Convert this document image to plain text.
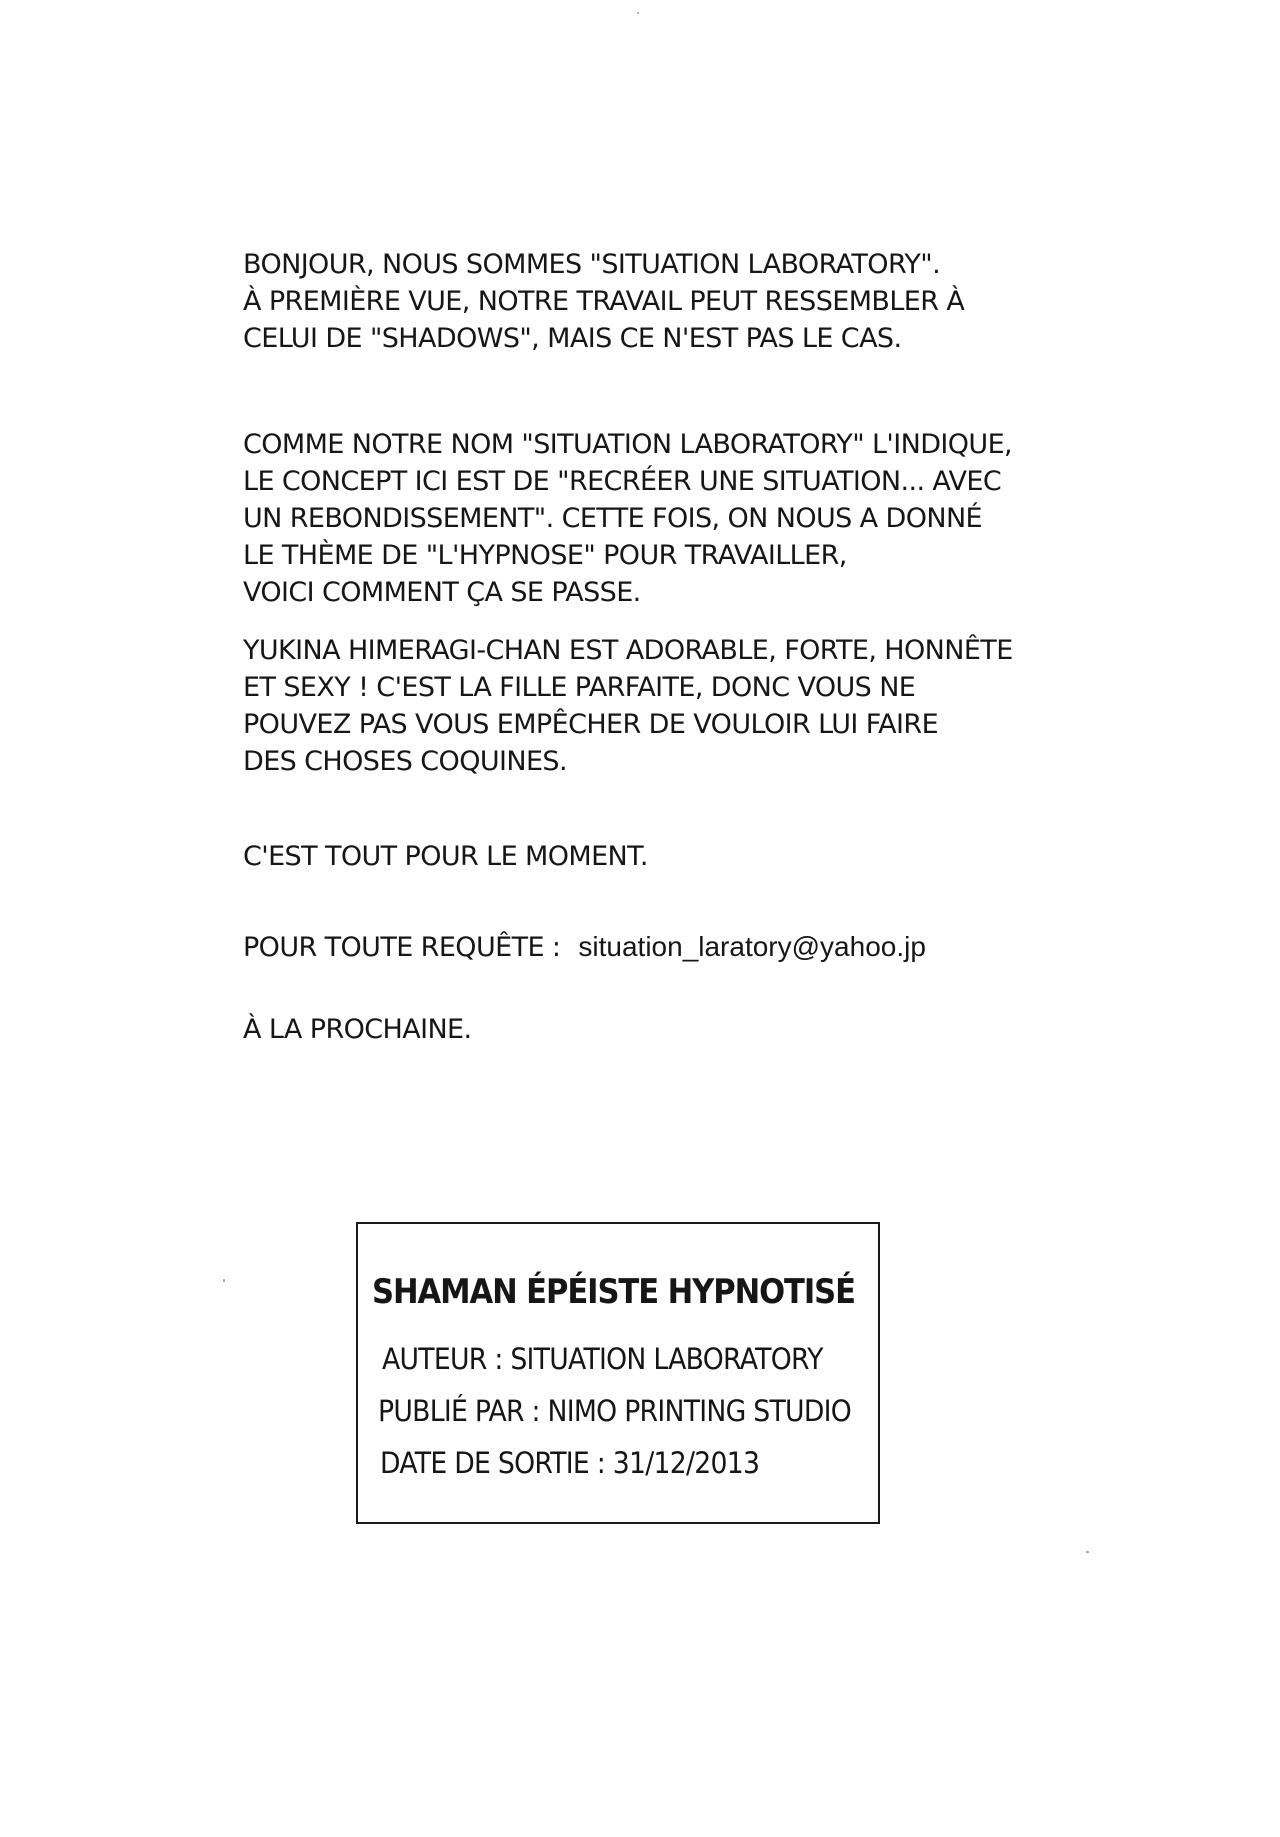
BONJOUR, NOUS SOMMES "SITUATION LABORATORY".
À PREMIÈRE VUE, NOTRE TRAVAIL PEUT RESSEMBLER À
CELUI DE "SHADOWS", MAIS CE N'EST PAS LE CAS.
COMME NOTRE NOM "SITUATION LABORATORY" L'INDIQUE,
LE CONCEPT ICI EST DE "RECRÉER UNE SITUATION... AVEC
UN REBONDISSEMENT". CETTE FOIS, ON NOUS A DONNÉ
LE THÈME DE "L'HYPNOSE" POUR TRAVAILLER,
VOICI COMMENT ÇA SE PASSE.
YUKINA HIMERAGI-CHAN EST ADORABLE, FORTE, HONNÊTE
ET SEXY ! C'EST LA FILLE PARFAITE, DONC VOUS NE
POUVEZ PAS VOUS EMPÊCHER DE VOULOIR LUI FAIRE
DES CHOSES COQUINES.
C'EST TOUT POUR LE MOMENT.
POUR TOUTE REQUÊTE : situation_laratory@yahoo.jp
À LA PROCHAINE.
SHAMAN ÉPÉISTE HYPNOTISÉ
AUTEUR : SITUATION LABORATORY
PUBLIÉ PAR : NIMO PRINTING STUDIO
DATE DE SORTIE : 31/12/2013
